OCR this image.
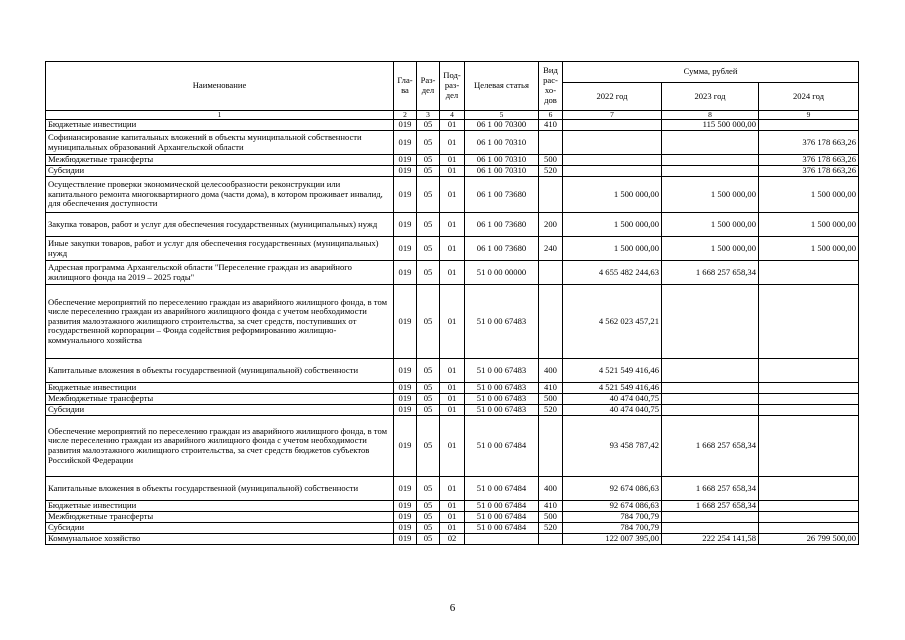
Наименование	Гла-ва	Раз-дел	Под-раз-дел	Целевая статья	Вид рас-хо-дов	Сумма, рублей		
						2022 год	2023 год	2024 год
1	2	3	4	5	6	7	8	9
Бюджетные инвестиции	019	05	01	06 1 00 70300	410		115 500 000,00	
Софинансирование капитальных вложений в объекты муниципальной собственности муниципальных образований Архангельской области	019	05	01	06 1 00 70310				376 178 663,26
Межбюджетные трансферты	019	05	01	06 1 00 70310	500			376 178 663,26
Субсидии	019	05	01	06 1 00 70310	520			376 178 663,26
Осуществление проверки экономической целесообразности реконструкции или капитального ремонта многоквартирного дома (части дома), в котором проживает инвалид, для обеспечения доступности	019	05	01	06 1 00 73680		1 500 000,00	1 500 000,00	1 500 000,00
Закупка товаров, работ и услуг для обеспечения государственных (муниципальных) нужд	019	05	01	06 1 00 73680	200	1 500 000,00	1 500 000,00	1 500 000,00
Иные закупки товаров, работ и услуг для обеспечения государственных (муниципальных) нужд	019	05	01	06 1 00 73680	240	1 500 000,00	1 500 000,00	1 500 000,00
Адресная программа Архангельской области "Переселение граждан из аварийного жилищного фонда на 2019 – 2025 годы"	019	05	01	51 0 00 00000		4 655 482 244,63	1 668 257 658,34	
Обеспечение мероприятий по переселению граждан из аварийного жилищного фонда, в том числе переселению граждан из аварийного жилищного фонда с учетом необходимости развития малоэтажного жилищного строительства, за счет средств, поступивших от государственной корпорации – Фонда содействия реформированию жилищно-коммунального хозяйства	019	05	01	51 0 00 67483		4 562 023 457,21		
Капитальные вложения в объекты государственной (муниципальной) собственности	019	05	01	51 0 00 67483	400	4 521 549 416,46		
Бюджетные инвестиции	019	05	01	51 0 00 67483	410	4 521 549 416,46		
Межбюджетные трансферты	019	05	01	51 0 00 67483	500	40 474 040,75		
Субсидии	019	05	01	51 0 00 67483	520	40 474 040,75		
Обеспечение мероприятий по переселению граждан из аварийного жилищного фонда, в том числе переселению граждан из аварийного жилищного фонда с учетом необходимости развития малоэтажного жилищного строительства, за счет средств бюджетов субъектов Российской Федерации	019	05	01	51 0 00 67484		93 458 787,42	1 668 257 658,34	
Капитальные вложения в объекты государственной (муниципальной) собственности	019	05	01	51 0 00 67484	400	92 674 086,63	1 668 257 658,34	
Бюджетные инвестиции	019	05	01	51 0 00 67484	410	92 674 086,63	1 668 257 658,34	
Межбюджетные трансферты	019	05	01	51 0 00 67484	500	784 700,79		
Субсидии	019	05	01	51 0 00 67484	520	784 700,79		
Коммунальное хозяйство	019	05	02			122 007 395,00	222 254 141,58	26 799 500,00
6
